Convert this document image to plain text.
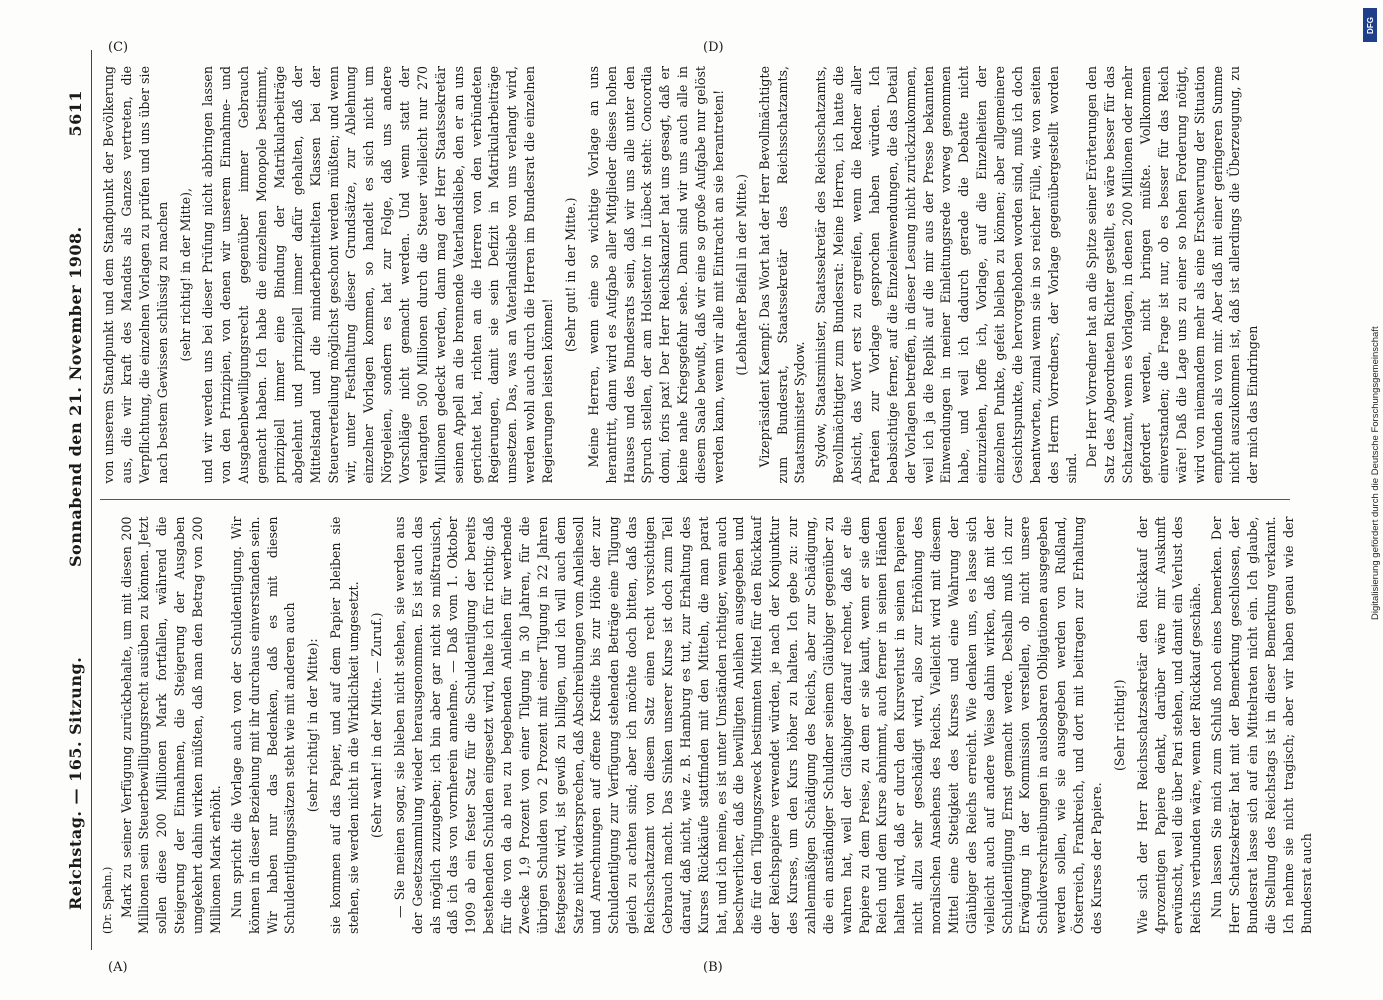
Reichstag. — 165. Sitzung.
Sonnabend den 21. November 1908.
5611

(Dr. Spahn.) Mark zu seiner Verfügung zurückbehalte, um mit diesen 200 Millionen sein Steuerbewilligungsrecht ausüben zu können. Jetzt sollen diese 200 Millionen Mark fortfallen, während die Steigerung der Einnahmen, die Steigerung der Ausgaben umgekehrt dahin wirken müßten, daß man den Betrag von 200 Millionen Mark erhöht. Nun spricht die Vorlage auch von der Schuldentilgung. Wir können in dieser Beziehung mit ihr durchaus einverstanden sein. Wir haben nur das Bedenken, daß es mit diesen Schuldentilgungssätzen steht wie mit anderen auch (sehr richtig! in der Mitte): sie kommen auf das Papier, und auf dem Papier bleiben sie stehen, sie werden nicht in die Wirklichkeit umgesetzt. (Sehr wahr! in der Mitte. — Zuruf.) — Sie meinen sogar, sie blieben nicht stehen, sie werden aus der Gesetzsammlung wieder herausgenommen. Es ist auch das als möglich zuzugeben; ich bin aber gar nicht so mißtrauisch, daß ich das von vornherein annehme. — Daß vom 1. Oktober 1909 ab ein fester Satz für die Schuldentilgung der bereits bestehenden Schulden eingesetzt wird, halte ich für richtig; daß für die von da ab neu zu begebenden Anleihen für werbende Zwecke 1,9 Prozent von einer Tilgung in 30 Jahren, für die übrigen Schulden von 2 Prozent mit einer Tilgung in 22 Jahren festgesetzt wird, ist gewiß zu billigen, und ich will auch dem Satze nicht widersprechen, daß Abschreibungen vom Anleihesoll und Anrechnungen auf offene Kredite bis zur Höhe der zur Schuldentilgung zur Verfügung stehenden Beträge eine Tilgung gleich zu achten sind; aber ich möchte doch bitten, daß das Reichsschatzamt von diesem Satz einen recht vorsichtigen Gebrauch macht. Das Sinken unserer Kurse ist doch zum Teil darauf, daß nicht, wie z. B. Hamburg es tut, zur Erhaltung des Kurses Rückkäufe stattfinden mit den Mitteln, die man parat hat, und ich meine, es ist unter Umständen richtiger, wenn auch beschwerlicher, daß die bewilligten Anleihen ausgegeben und die für den Tilgungszweck bestimmten Mittel für den Rückkauf der Reichspapiere verwendet würden, je nach der Konjunktur des Kurses, um den Kurs höher zu halten. Ich gebe zu: zur zahlenmäßigen Schädigung des Reichs, aber zur Schädigung, die ein anständiger Schuldner seinem Gläubiger gegenüber zu wahren hat, weil der Gläubiger darauf rechnet, daß er die Papiere zu dem Preise, zu dem er sie kauft, wenn er sie dem Reich und dem Kurse abnimmt, auch ferner in seinen Händen halten wird, daß er durch den Kursverlust in seinen Papieren nicht allzu sehr geschädigt wird, also zur Erhöhung des moralischen Ansehens des Reichs. Vielleicht wird mit diesem Mittel eine Stetigkeit des Kurses und eine Wahrung der Gläubiger des Reichs erreicht. Wie denken uns, es lasse sich vielleicht auch auf andere Weise dahin wirken, daß mit der Schuldentilgung Ernst gemacht werde. Deshalb muß ich zur Erwägung in der Kommission verstellen, ob nicht unsere Schuldverschreibungen in auslosbaren Obligationen ausgegeben werden sollen, wie sie ausgegeben werden von Rußland, Österreich, Frankreich, und dort mit beitragen zur Erhaltung des Kurses der Papiere.

(Sehr richtig!) Wie sich der Herr Reichsschatzsekretär den Rückkauf der 4prozentigen Papiere denkt, darüber wäre mir Auskunft erwünscht, weil die über Pari stehen, und damit ein Verlust des Reichs verbunden wäre, wenn der Rückkauf geschähe. Nun lassen Sie mich zum Schluß noch eines bemerken. Der Herr Schatzsekretär hat mit der Bemerkung geschlossen, der Bundesrat lasse sich auf ein Mittelraten nicht ein. Ich glaube, die Stellung des Reichstags ist in dieser Bemerkung verkannt. Ich nehme sie nicht tragisch; aber wir haben genau wie der Bundesrat auch

von unserem Standpunkt und dem Standpunkt der Bevölkerung aus, die wir kraft des Mandats als Ganzes vertreten, die Verpflichtung, die einzelnen Vorlagen zu prüfen und uns über sie nach bestem Gewissen schlüssig zu machen (sehr richtig! in der Mitte), und wir werden uns bei dieser Prüfung nicht abbringen lassen von den Prinzipien, von denen wir unserem Einnahme- und Ausgabenbewilligungsrecht gegenüber immer Gebrauch gemacht haben. Ich habe die einzelnen Monopole bestimmt, prinzipiell immer eine Bindung der Matrikularbeiträge abgelehnt und prinzipiell immer dafür gehalten, daß der Mittelstand und die minderbemittelten Klassen bei der Steuerverteilung möglichst geschont werden müßten; und wenn wir, unter Festhaltung dieser Grundsätze, zur Ablehnung einzelner Vorlagen kommen, so handelt es sich nicht um Nörgeleien, sondern es hat zur Folge, daß uns andere Vorschläge nicht gemacht werden. Und wenn statt der verlangten 500 Millionen durch die Steuer vielleicht nur 270 Millionen gedeckt werden, dann mag der Herr Staatssekretär seinen Appell an die brennende Vaterlandsliebe, den er an uns gerichtet hat, richten an die Herren von den verbündeten Regierungen, damit sie sein Defizit in Matrikularbeiträge umsetzen. Das, was an Vaterlandsliebe von uns verlangt wird, werden wohl auch durch die Herren im Bundesrat die einzelnen Regierungen leisten können!

(Sehr gut! in der Mitte.) Meine Herren, wenn eine so wichtige Vorlage an uns herantritt, dann wird es Aufgabe aller Mitglieder dieses hohen Hauses und des Bundesrats sein, daß wir uns alle unter den Spruch stellen, der am Holstentor in Lübeck steht: Concordia domi, foris pax! Der Herr Reichskanzler hat uns gesagt, daß er keine nahe Kriegsgefahr sehe. Dann sind wir uns auch alle in diesem Saale bewußt, daß wir eine so große Aufgabe nur gelöst werden kann, wenn wir alle mit Eintracht an sie herantreten! (Lebhafter Beifall in der Mitte.) Vizepräsident Kaempf: Das Wort hat der Herr Bevollmächtigte zum Bundesrat, Staatssekretär des Reichsschatzamts, Staatsminister Sydow. Sydow, Staatsminister, Staatssekretär des Reichsschatzamts, Bevollmächtigter zum Bundesrat: Meine Herren, ich hatte die Absicht, das Wort erst zu ergreifen, wenn die Redner aller Parteien zur Vorlage gesprochen haben würden. Ich beabsichtige ferner, auf die Einzeleinwendungen, die das Detail der Vorlagen betreffen, in dieser Lesung nicht zurückzukommen, weil ich ja die Replik auf die mir aus der Presse bekannten Einwendungen in meiner Einleitungsrede vorweg genommen habe, und weil ich dadurch gerade die Debatte nicht einzuziehen, hoffe ich, Vorlage, auf die Einzelheiten der einzelnen Punkte, gefeit bleiben zu können; aber allgemeinere Gesichtspunkte, die hervorgehoben worden sind, muß ich doch beantworten, zumal wenn sie in so reicher Fülle, wie von seiten des Herrn Vorredners, der Vorlage gegenübergestellt worden sind.

Der Herr Vorredner hat an die Spitze seiner Erörterungen den Satz des Abgeordneten Richter gestellt, es wäre besser für das Schatzamt, wenn es Vorlagen, in denen 200 Millionen oder mehr gefordert werden, nicht bringen müßte. Vollkommen einverstanden; die Frage ist nur, ob es besser für das Reich wäre! Daß die Lage uns zu einer so hohen Forderung nötigt, wird von niemandem mehr als eine Erschwerung der Situation empfunden als von mir. Aber daß mit einer geringeren Summe nicht auszukommen ist, daß ist allerdings die Überzeugung, zu der mich das Eindringen

(A)	(B)
(C)	(D)
Digitalisierung gefördert durch die Deutsche Forschungsgemeinschaft
DFG
